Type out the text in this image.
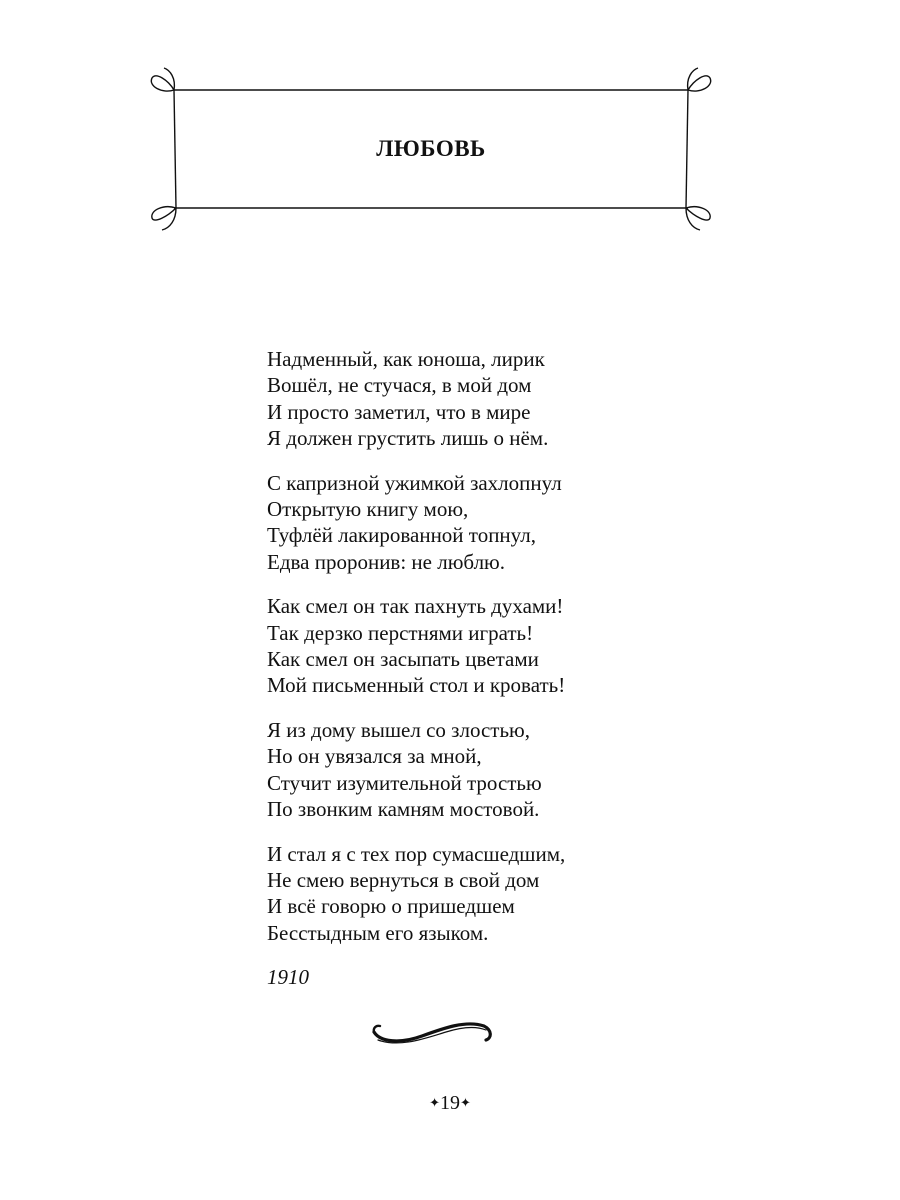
ЛЮБОВЬ
Надменный, как юноша, лирик
Вошёл, не стучася, в мой дом
И просто заметил, что в мире
Я должен грустить лишь о нём.
С капризной ужимкой захлопнул
Открытую книгу мою,
Туфлёй лакированной топнул,
Едва проронив: не люблю.
Как смел он так пахнуть духами!
Так дерзко перстнями играть!
Как смел он засыпать цветами
Мой письменный стол и кровать!
Я из дому вышел со злостью,
Но он увязался за мной,
Стучит изумительной тростью
По звонким камням мостовой.
И стал я с тех пор сумасшедшим,
Не смею вернуться в свой дом
И всё говорю о пришедшем
Бесстыдным его языком.
1910
✦19✦
